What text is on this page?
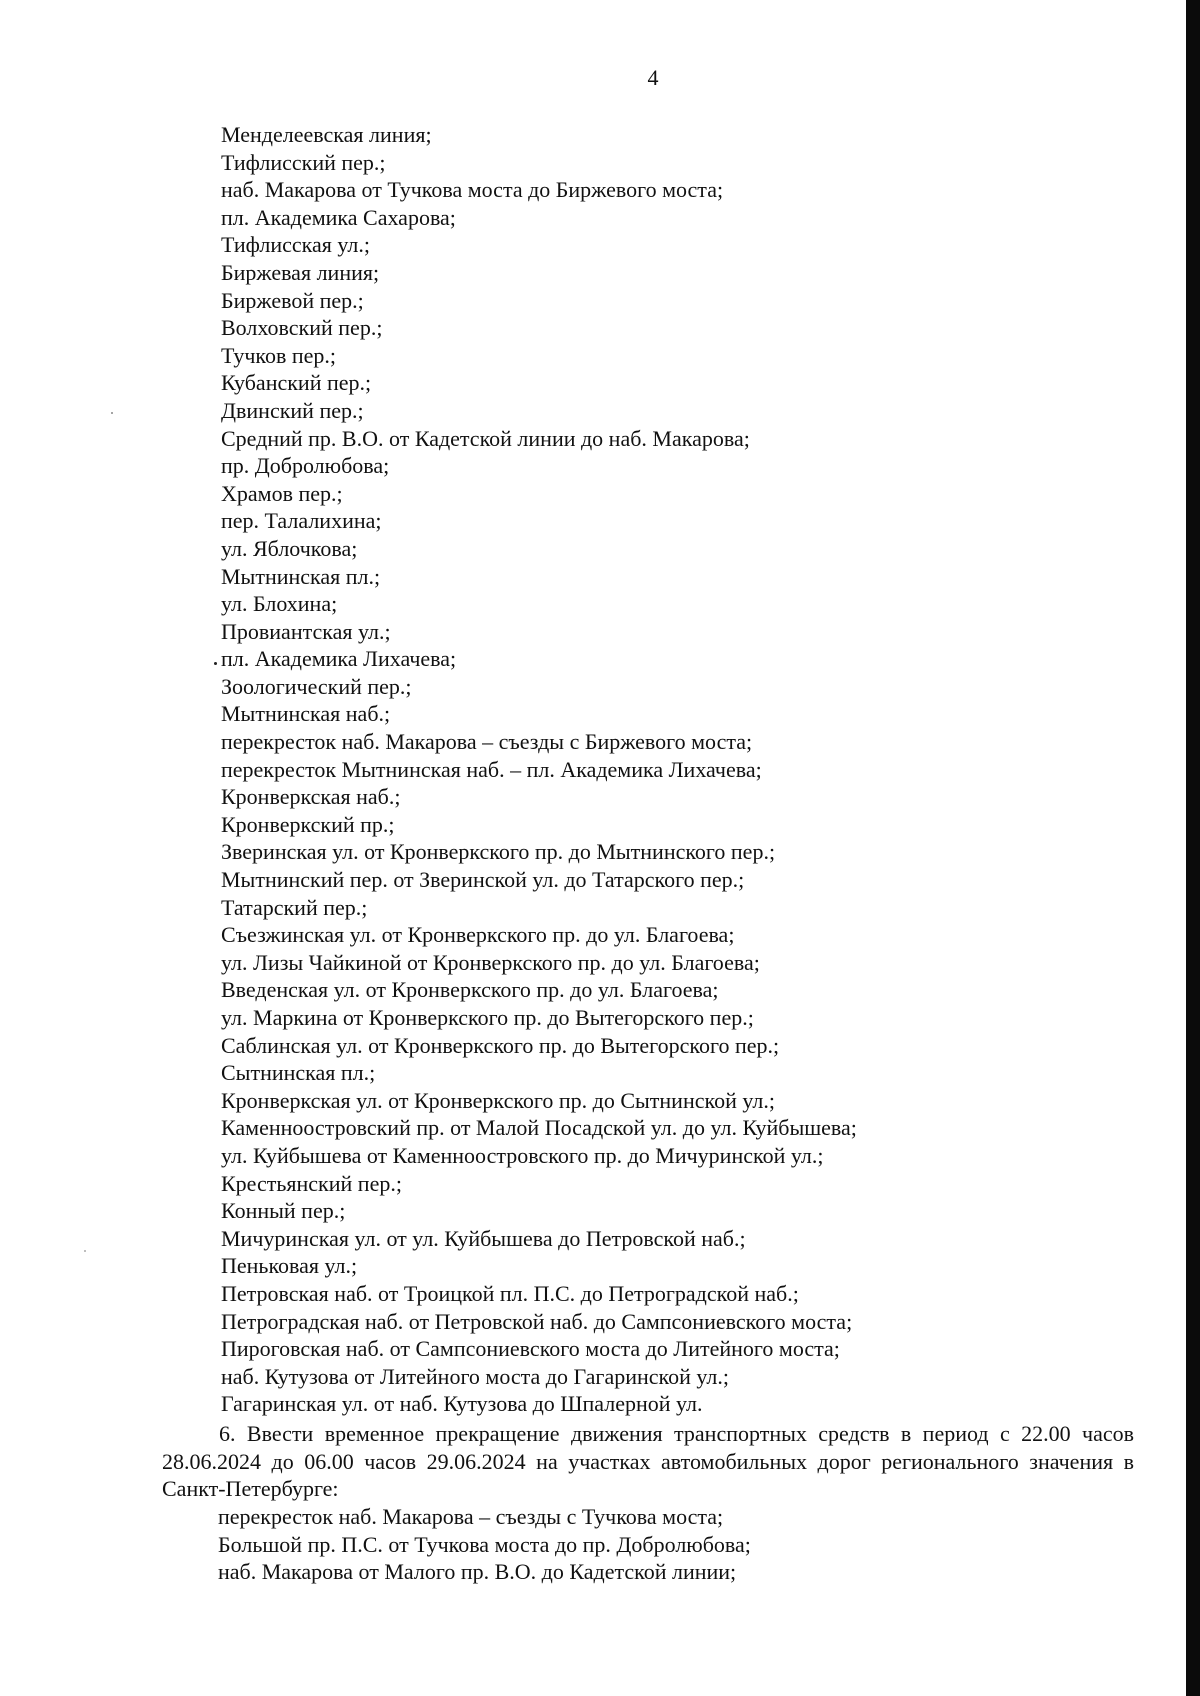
4
Менделеевская линия;
Тифлисский пер.;
наб. Макарова от Тучкова моста до Биржевого моста;
пл. Академика Сахарова;
Тифлисская ул.;
Биржевая линия;
Биржевой пер.;
Волховский пер.;
Тучков пер.;
Кубанский пер.;
Двинский пер.;
Средний пр. В.О. от Кадетской линии до наб. Макарова;
пр. Добролюбова;
Храмов пер.;
пер. Талалихина;
ул. Яблочкова;
Мытнинская пл.;
ул. Блохина;
Провиантская ул.;
пл. Академика Лихачева;
Зоологический пер.;
Мытнинская наб.;
перекресток наб. Макарова – съезды с Биржевого моста;
перекресток Мытнинская наб. – пл. Академика Лихачева;
Кронверкская наб.;
Кронверкский пр.;
Зверинская ул. от Кронверкского пр. до Мытнинского пер.;
Мытнинский пер. от Зверинской ул. до Татарского пер.;
Татарский пер.;
Съезжинская ул. от Кронверкского пр. до ул. Благоева;
ул. Лизы Чайкиной от Кронверкского пр. до ул. Благоева;
Введенская ул. от Кронверкского пр. до ул. Благоева;
ул. Маркина от Кронверкского пр. до Вытегорского пер.;
Саблинская ул. от Кронверкского пр. до Вытегорского пер.;
Сытнинская пл.;
Кронверкская ул. от Кронверкского пр. до Сытнинской ул.;
Каменноостровский пр. от Малой Посадской ул. до ул. Куйбышева;
ул. Куйбышева от Каменноостровского пр. до Мичуринской ул.;
Крестьянский пер.;
Конный пер.;
Мичуринская ул. от ул. Куйбышева до Петровской наб.;
Пеньковая ул.;
Петровская наб. от Троицкой пл. П.С. до Петроградской наб.;
Петроградская наб. от Петровской наб. до Сампсониевского моста;
Пироговская наб. от Сампсониевского моста до Литейного моста;
наб. Кутузова от Литейного моста до Гагаринской ул.;
Гагаринская ул. от наб. Кутузова до Шпалерной ул.

6. Ввести временное прекращение движения транспортных средств в период с 22.00 часов 28.06.2024 до 06.00 часов 29.06.2024 на участках автомобильных дорог регионального значения в Санкт-Петербурге:

перекресток наб. Макарова – съезды с Тучкова моста;
Большой пр. П.С. от Тучкова моста до пр. Добролюбова;
наб. Макарова от Малого пр. В.О. до Кадетской линии;
